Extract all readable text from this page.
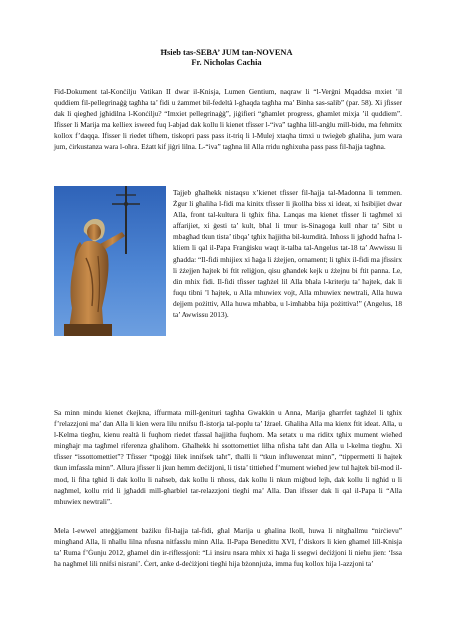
Ħsieb tas-SEBA’ JUM tan-NOVENA
Fr. Nicholas Cachia

Fid-Dokument tal-Konċilju Vatikan II dwar il-Knisja, Lumen Gentium, naqraw li “l-Verġni Mqaddsa mxiet ’il quddiem fil-pellegrinaġġ tagħha ta’ fidi u żammet bil-fedeltà l-għaqda tagħha ma’ Binha sas-salib” (par. 58). Xi jfisser dak li qiegħed jgħidilna l-Konċilju? “Imxiet pellegrinaġġ”, jiġifieri “għamlet progress, għamlet mixja ’il quddiem”. Ifisser li Marija ma kelliex isweed fuq l-abjad dak kollu li kienet tfisser l-“iva” tagħha lill-anġlu mill-bidu, ma fehmitx kollox f’daqqa. Ifisser li riedet tifhem, tiskopri pass pass it-triq li l-Mulej xtaqha timxi u twieġeb għaliha, jum wara jum, ċirkustanza wara l-oħra. Eżatt kif jiġri lilna. L-“iva” tagħna lil Alla rridu ngħixuha pass pass fil-ħajja tagħna.

Tajjeb għalhekk nistaqsu x’kienet tfisser fil-ħajja tal-Madonna li temmen. Żgur li għaliha l-fidi ma kinitx tfisser li jkollha biss xi ideat, xi ħsibijiet dwar Alla, front tal-kultura li tgħix fiha. Lanqas ma kienet tfisser li tagħmel xi affarijiet, xi ġesti ta’ kult, bħal li tmur is-Sinagoga kull nhar ta’ Sibt u mbagħad tkun tista’ tibqa’ tgħix ħajjitha bil-kumdità. Inħoss li jgħodd ħafna l-kliem li qal il-Papa Franġisku waqt it-talba tal-Angelus tat-18 ta’ Awwissu li għadda: “Il-fidi mhijiex xi ħaġa li żżejjen, ornament; li tgħix il-fidi ma jfissirx li żżejjen ħajtek bi ftit reliġjon, qisu għandek kejk u żżejnu bi ftit panna. Le, din mhix fidi. Il-fidi tfisser tagħżel lil Alla bħala l-kriterju ta’ ħajtek, dak li fuqu tibni ’l ħajtek, u Alla mhuwiex vojt, Alla mhuwiex newtrali, Alla huwa dejjem pożittiv, Alla huwa mħabba, u l-imħabba hija pożittiva!” (Angelus, 18 ta’ Awwissu 2013).

Sa minn mindu kienet ċkejkna, iffurmata mill-ġenituri tagħha Gwakkin u Anna, Marija għarrfet tagħżel li tgħix f’relazzjoni ma’ dan Alla li kien wera lilu nnifsu fl-istorja tal-poplu ta’ Iżrael. Għaliha Alla ma kienx ftit ideat. Alla, u l-Kelma tiegħu, kienu realtà li fuqhom riedet tfassal ħajjitha fuqhom. Ma setatx u ma riditx tgħix mument wieħed mingħajr ma tagħmel riferenza għalihom. Għalhekk hi ssottomettiet lilha nfisha taħt dan Alla u l-kelma tiegħu. Xi tfisser “issottomettiet”? Tfisser “tpoġġi lilek innifsek taħt”, tħalli li “tkun influwenzat minn”, “tippermetti li ħajtek tkun imfassla minn”. Allura jfisser li jkun hemm deċiżjoni, li tista’ tittieħed f’mument wieħed jew tul ħajtek bil-mod il-mod, li fiha tgħid li dak kollu li naħseb, dak kollu li nħoss, dak kollu li nkun miġbud lejh, dak kollu li ngħid u li nagħmel, kollu rrid li jgħaddi mill-għarbiel tar-relazzjoni tiegħi ma’ Alla. Dan ifisser dak li qal il-Papa li “Alla mhuwiex newtrali”.

Mela l-ewwel atteġġjament bażiku fil-ħajja tal-fidi, għal Marija u għalina lkoll, huwa li nitgħallmu “nirċievu” mingħand Alla, li nħallu lilna nfusna nitfasslu minn Alla. Il-Papa Benedittu XVI, f’diskors li kien għamel lill-Knisja ta’ Ruma f’Ġunju 2012, għamel din ir-riflessjoni: “Li insiru nsara mhix xi ħaġa li ssegwi deċiżjoni li nieħu jien: ‘Issa ħa nagħmel lili nnifsi nisrani’. Ċert, anke d-deċiżjoni tiegħi hija bżonnjuża, imma fuq kollox hija l-azzjoni ta’
